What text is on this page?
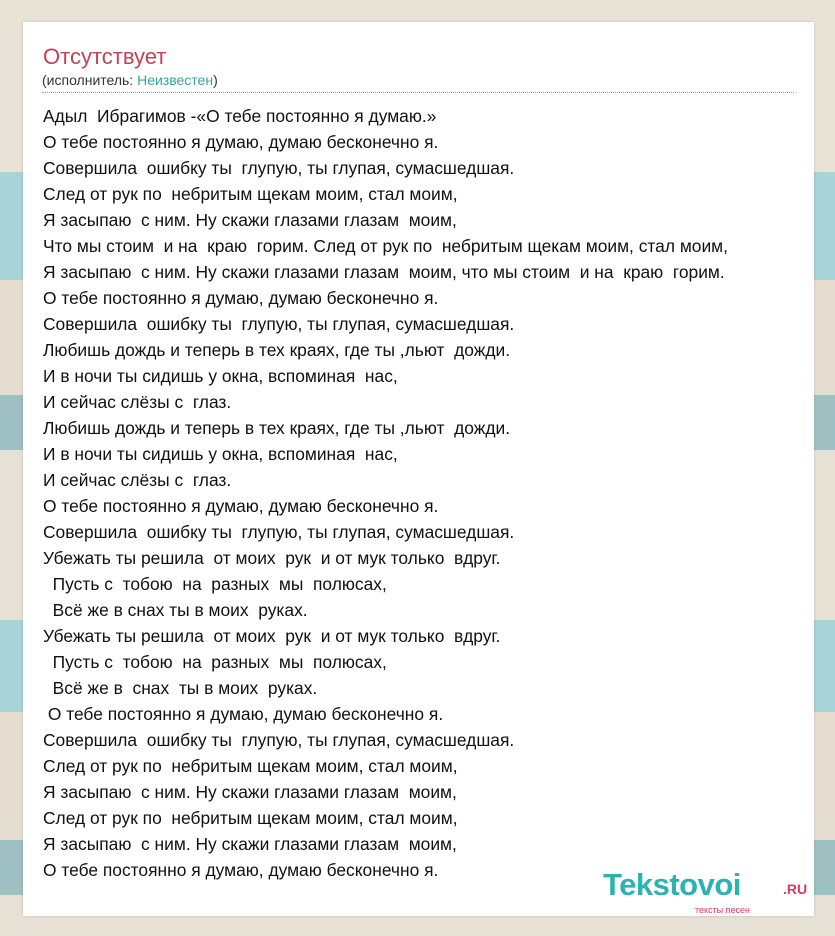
Отсутствует
(исполнитель: Неизвестен)
Адыл  Ибрагимов -«О тебе постоянно я думаю.»
О тебе постоянно я думаю, думаю бесконечно я.
Совершила  ошибку ты  глупую, ты глупая, сумасшедшая.
След от рук по  небритым щекам моим, стал моим,
Я засыпаю  с ним. Ну скажи глазами глазам  моим,
Что мы стоим  и на  краю  горим. След от рук по  небритым щекам моим, стал моим,
Я засыпаю  с ним. Ну скажи глазами глазам  моим, что мы стоим  и на  краю  горим.
О тебе постоянно я думаю, думаю бесконечно я.
Совершила  ошибку ты  глупую, ты глупая, сумасшедшая.
Любишь дождь и теперь в тех краях, где ты ,льют  дожди.
И в ночи ты сидишь у окна, вспоминая  нас,
И сейчас слёзы с  глаз.
Любишь дождь и теперь в тех краях, где ты ,льют  дожди.
И в ночи ты сидишь у окна, вспоминая  нас,
И сейчас слёзы с  глаз.
О тебе постоянно я думаю, думаю бесконечно я.
Совершила  ошибку ты  глупую, ты глупая, сумасшедшая.
Убежать ты решила  от моих  рук  и от мук только  вдруг.
Пусть с  тобою  на  разных  мы  полюсах,
Всё же в снах ты в моих  руках.
Убежать ты решила  от моих  рук  и от мук только  вдруг.
Пусть с  тобою  на  разных  мы  полюсах,
Всё же в  снах  ты в моих  руках.
О тебе постоянно я думаю, думаю бесконечно я.
Совершила  ошибку ты  глупую, ты глупая, сумасшедшая.
След от рук по  небритым щекам моим, стал моим,
Я засыпаю  с ним. Ну скажи глазами глазам  моим,
След от рук по  небритым щекам моим, стал моим,
Я засыпаю  с ним. Ну скажи глазами глазам  моим,
О тебе постоянно я думаю, думаю бесконечно я.	Tekstovoi	.RU
тексты песен
